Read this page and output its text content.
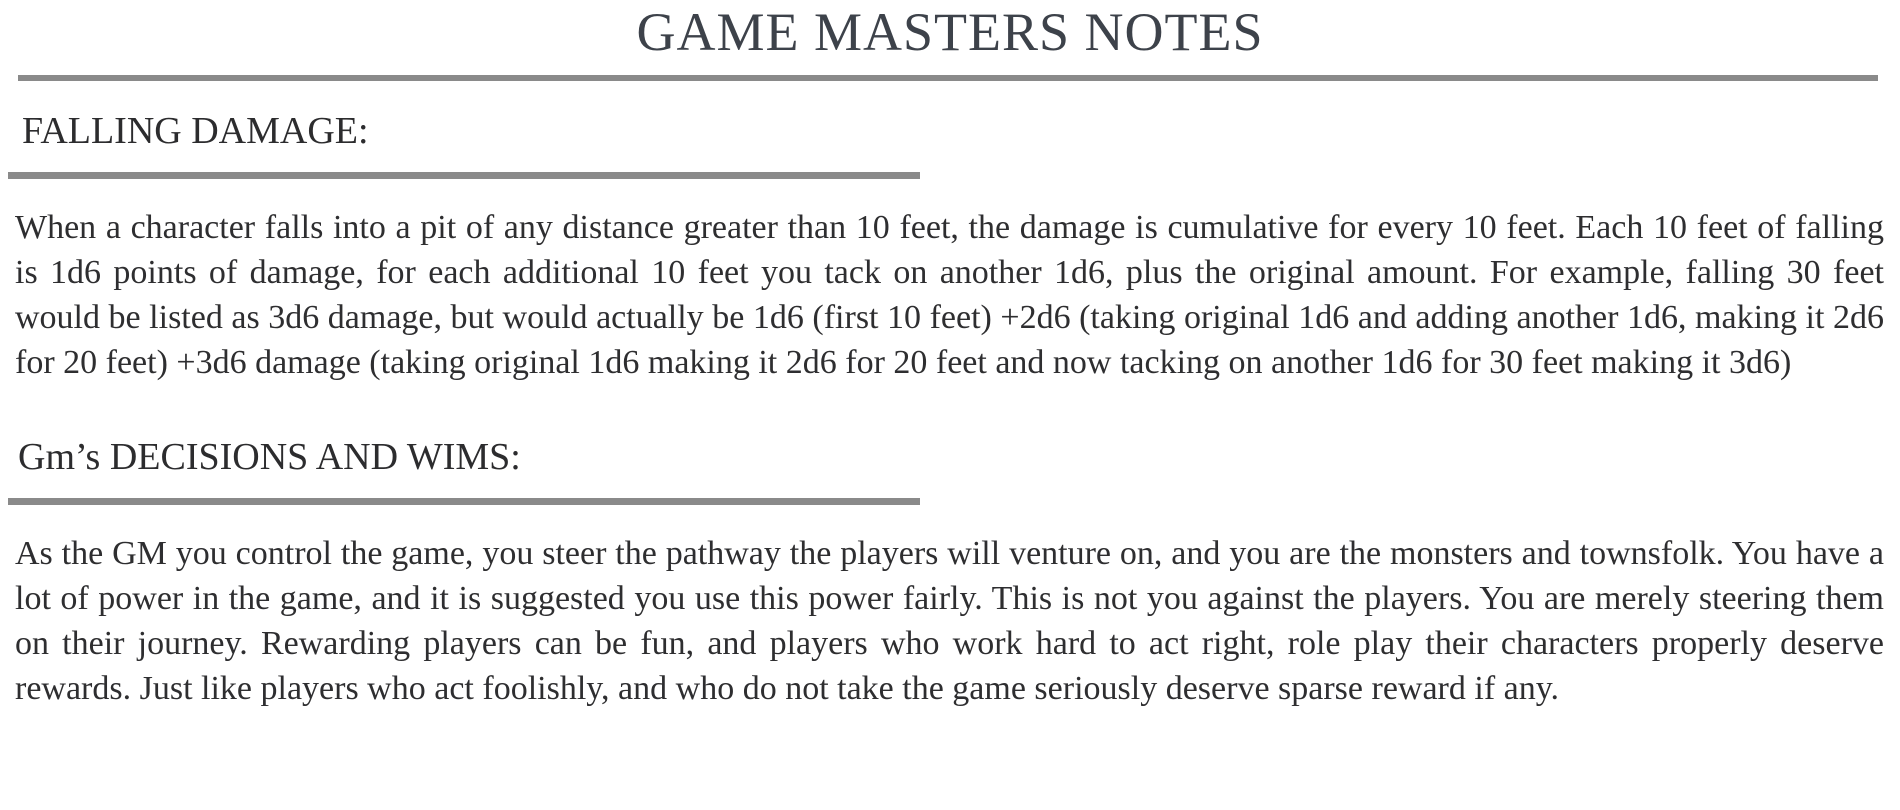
GAME MASTERS NOTES
FALLING DAMAGE:

When a character falls into a pit of any distance greater than 10 feet, the damage is cumulative for every 10 feet. Each 10 feet of falling is 1d6 points of damage, for each additional 10 feet you tack on another 1d6, plus the original amount. For example, falling 30 feet would be listed as 3d6 damage, but would actually be 1d6 (first 10 feet) +2d6 (taking original 1d6 and adding another 1d6, making it 2d6 for 20 feet) +3d6 damage (taking original 1d6 making it 2d6 for 20 feet and now tacking on another 1d6 for 30 feet making it 3d6)

Gm’s DECISIONS AND WIMS:

As the GM you control the game, you steer the pathway the players will venture on, and you are the monsters and townsfolk. You have a lot of power in the game, and it is suggested you use this power fairly. This is not you against the players. You are merely steering them on their journey. Rewarding players can be fun, and players who work hard to act right, role play their characters properly deserve rewards. Just like players who act foolishly, and who do not take the game seriously deserve sparse reward if any.
